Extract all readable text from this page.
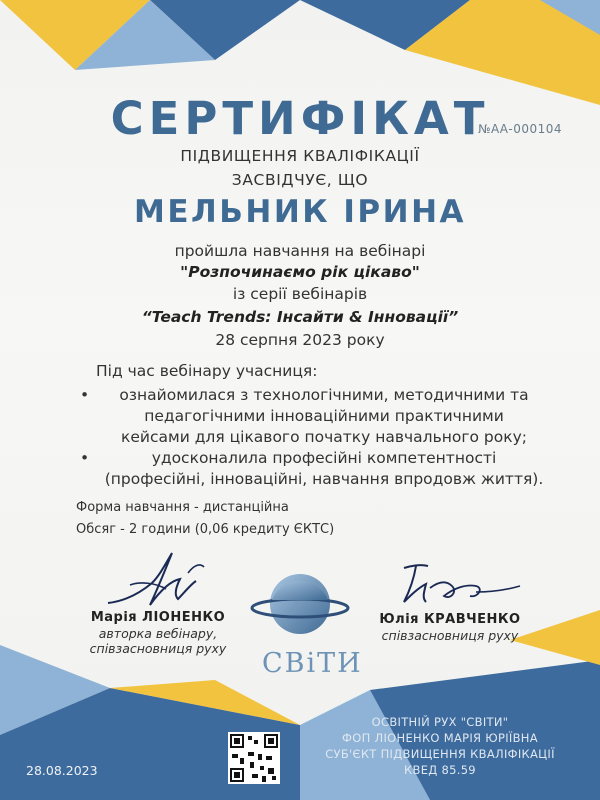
СЕРТИФІКАТ
№АА-000104
ПІДВИЩЕННЯ КВАЛІФІКАЦІЇ
ЗАСВІДЧУЄ, ЩО
МЕЛЬНИК ІРИНА
пройшла навчання на вебінарі
"Розпочинаємо рік цікаво"
із серії вебінарів
“Teach Trends: Інсайти & Інновації”
28 серпня 2023 року
Під час вебінару учасниця:
•	ознайомилася з технологічними, методичними та
педагогічними інноваційними практичними
кейсами для цікавого початку навчального року;
•	удосконалила професійні компетентності
(професійні, інноваційні, навчання впродовж життя).
Форма навчання - дистанційна
Обсяг - 2 години (0,06 кредиту ЄКТС)
Марія ЛІОНЕНКО
авторка вебінару,
співзасновниця руху
Юлія КРАВЧЕНКО
співзасновниця руху
СВіТИ
28.08.2023
ОСВІТНІЙ РУХ "СВІТИ"
ФОП ЛІОНЕНКО МАРІЯ ЮРІЇВНА
СУБ'ЄКТ ПІДВИЩЕННЯ КВАЛІФІКАЦІЇ
КВЕД 85.59
